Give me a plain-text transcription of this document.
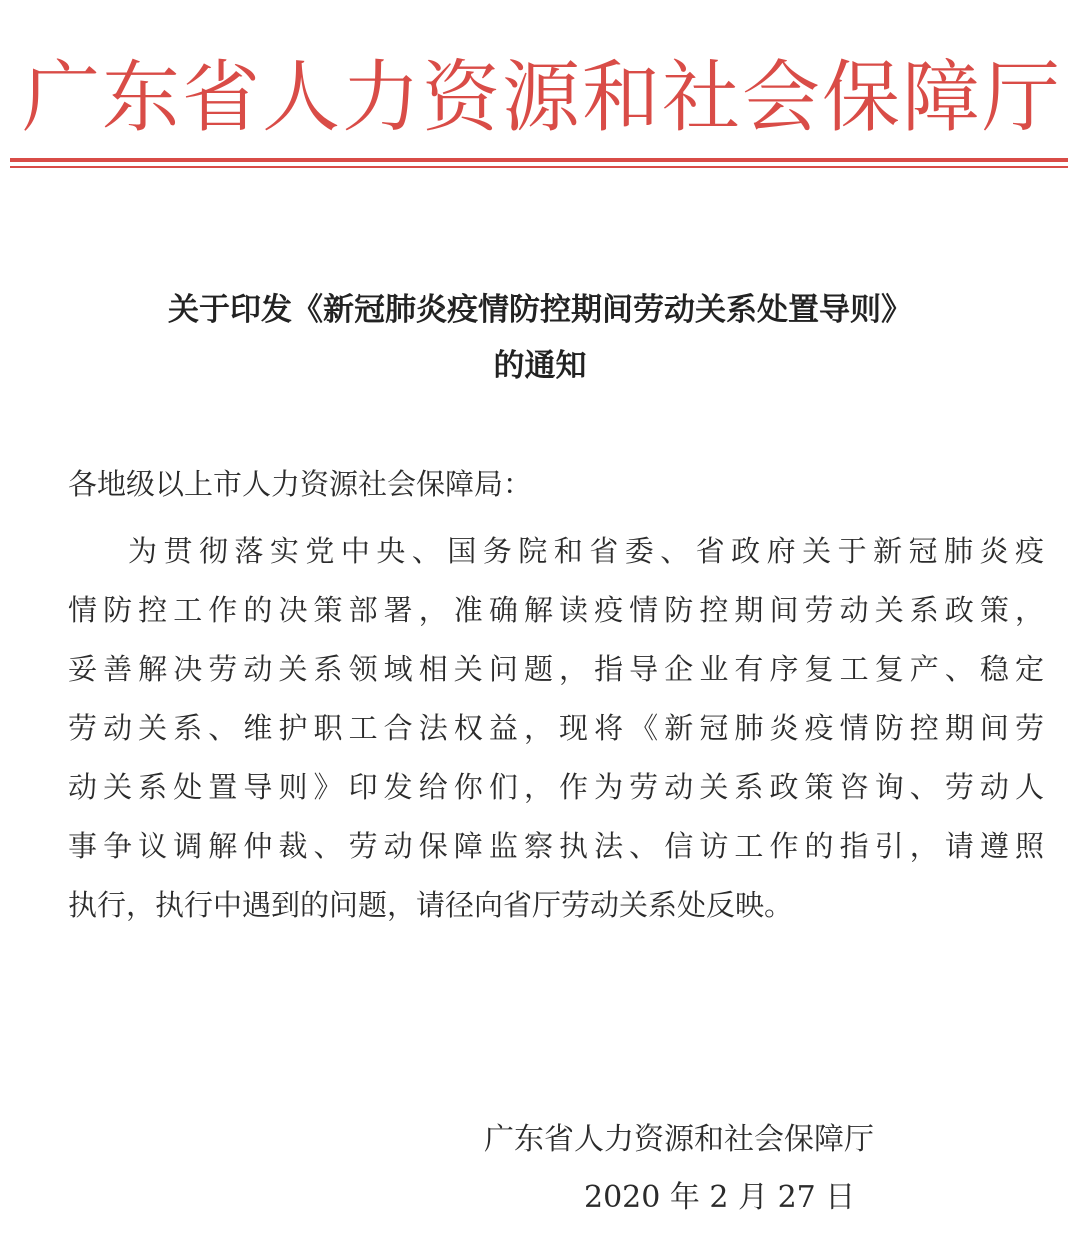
广东省人力资源和社会保障厅
关于印发《新冠肺炎疫情防控期间劳动关系处置导则》
的通知
各地级以上市人力资源社会保障局：
为贯彻落实党中央、国务院和省委、省政府关于新冠肺炎疫
情防控工作的决策部署，准确解读疫情防控期间劳动关系政策，
妥善解决劳动关系领域相关问题，指导企业有序复工复产、稳定
劳动关系、维护职工合法权益，现将《新冠肺炎疫情防控期间劳
动关系处置导则》印发给你们，作为劳动关系政策咨询、劳动人
事争议调解仲裁、劳动保障监察执法、信访工作的指引，请遵照
执行，执行中遇到的问题，请径向省厅劳动关系处反映。
广东省人力资源和社会保障厅
2020 年 2 月 27 日
